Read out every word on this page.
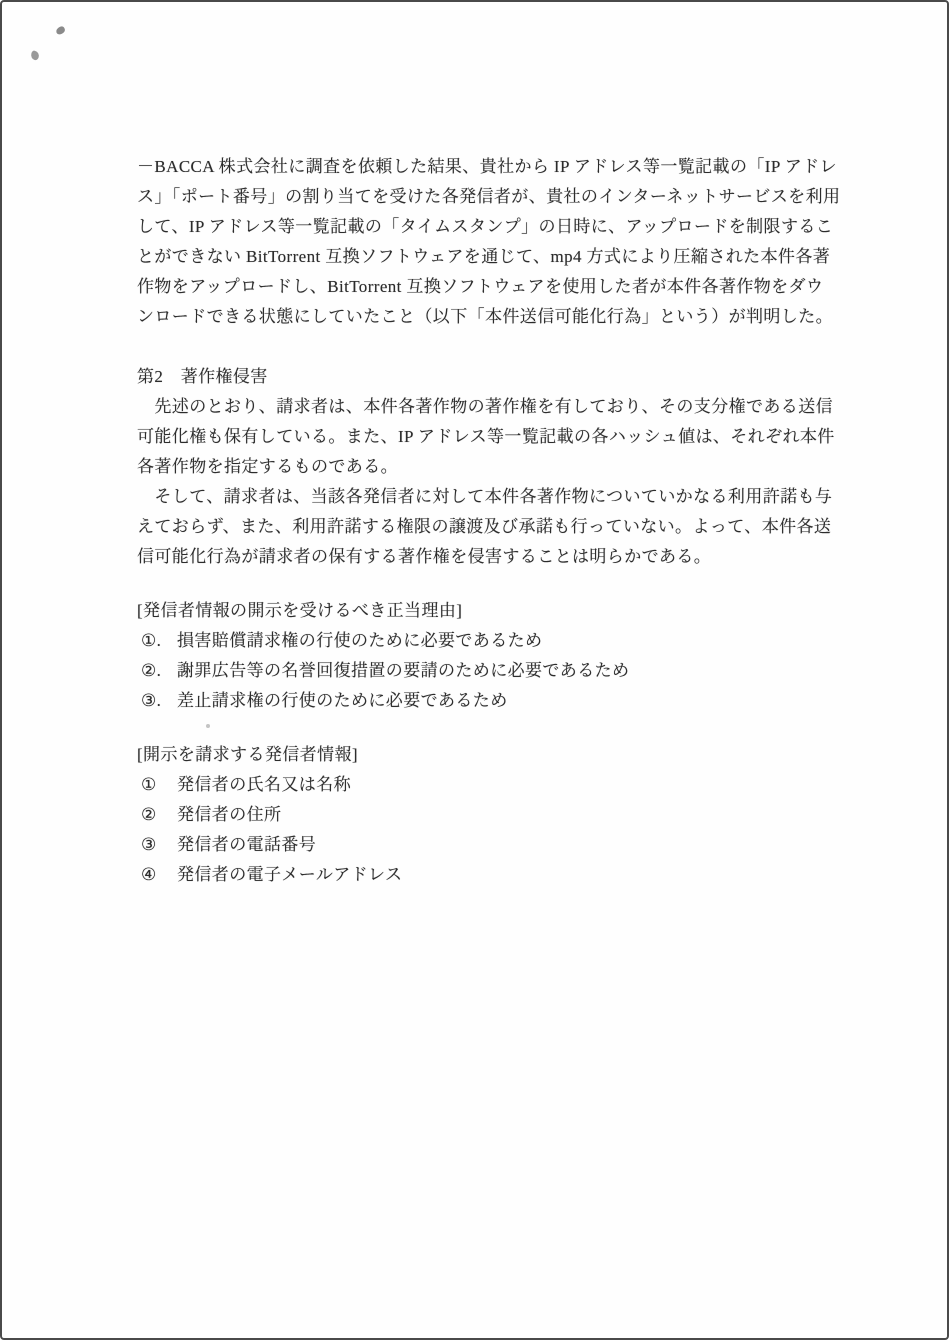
－BACCA 株式会社に調査を依頼した結果、貴社から IP アドレス等一覧記載の「IP アドレ
ス」「ポート番号」の割り当てを受けた各発信者が、貴社のインターネットサービスを利用
して、IP アドレス等一覧記載の「タイムスタンプ」の日時に、アップロードを制限するこ
とができない BitTorrent 互換ソフトウェアを通じて、mp4 方式により圧縮された本件各著
作物をアップロードし、BitTorrent 互換ソフトウェアを使用した者が本件各著作物をダウ
ンロードできる状態にしていたこと（以下「本件送信可能化行為」という）が判明した。
第2　著作権侵害
　先述のとおり、請求者は、本件各著作物の著作権を有しており、その支分権である送信
可能化権も保有している。また、IP アドレス等一覧記載の各ハッシュ値は、それぞれ本件
各著作物を指定するものである。
　そして、請求者は、当該各発信者に対して本件各著作物についていかなる利用許諾も与
えておらず、また、利用許諾する権限の譲渡及び承諾も行っていない。よって、本件各送
信可能化行為が請求者の保有する著作権を侵害することは明らかである。
[発信者情報の開示を受けるべき正当理由]
①. 損害賠償請求権の行使のために必要であるため
②. 謝罪広告等の名誉回復措置の要請のために必要であるため
③. 差止請求権の行使のために必要であるため
[開示を請求する発信者情報]
①	発信者の氏名又は名称
②	発信者の住所
③	発信者の電話番号
④	発信者の電子メールアドレス
